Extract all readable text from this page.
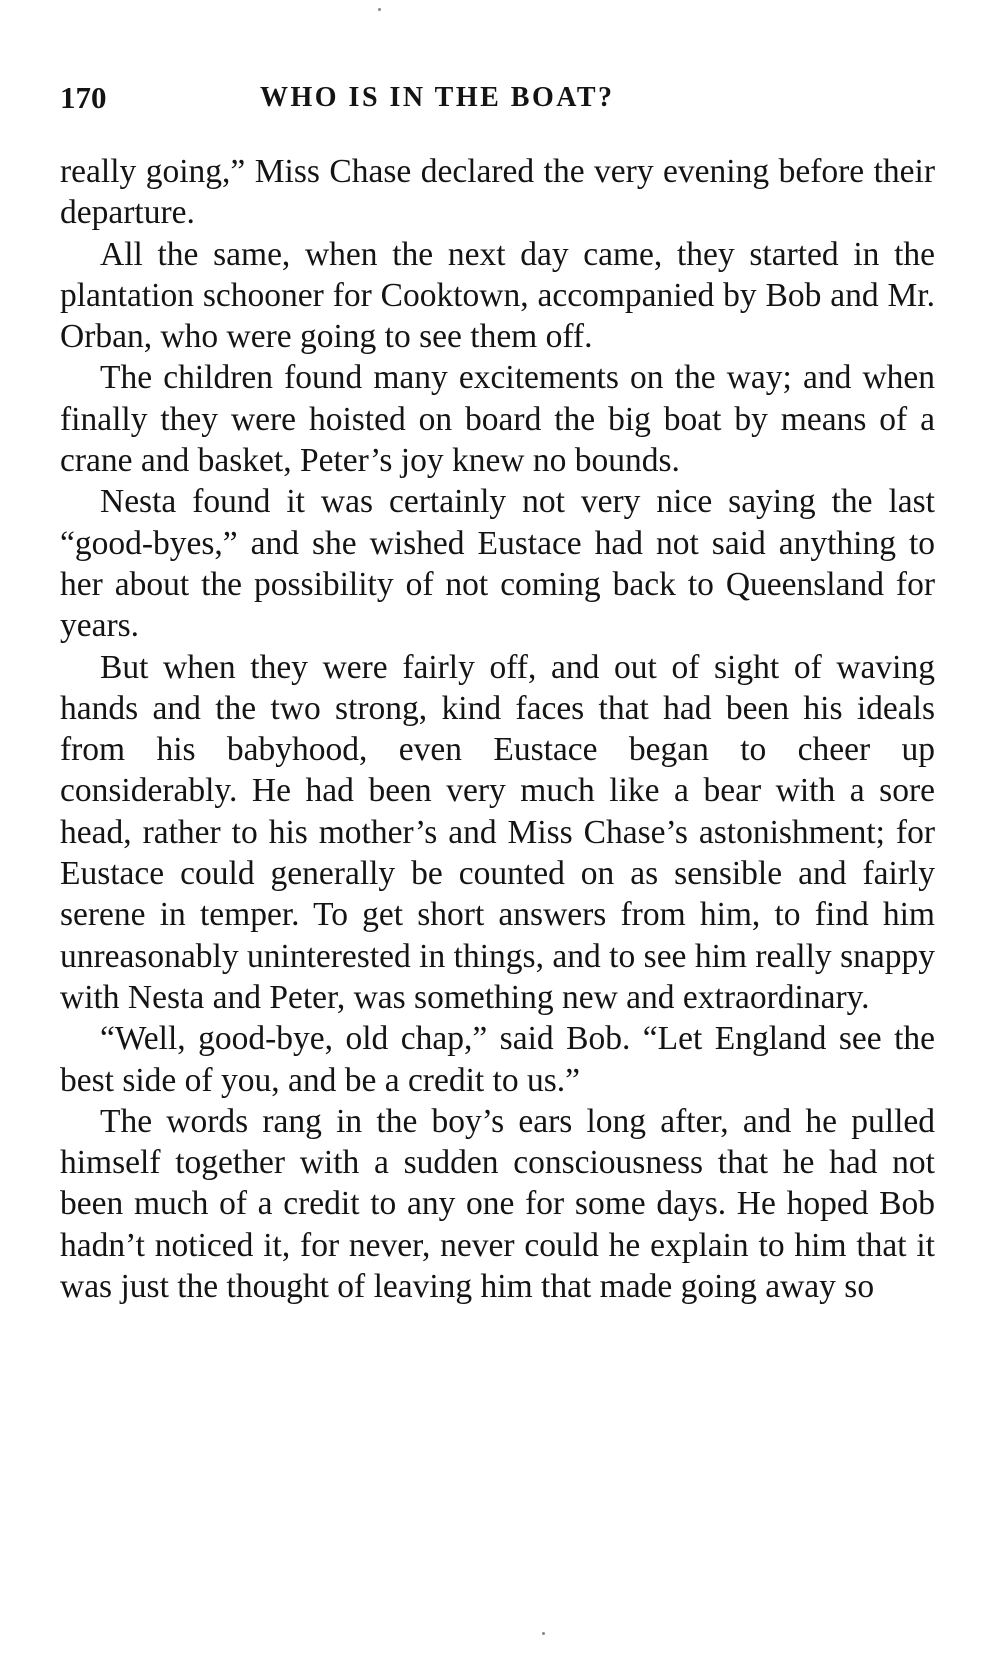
170	WHO IS IN THE BOAT?

really going,” Miss Chase declared the very evening before their departure.

All the same, when the next day came, they started in the plantation schooner for Cooktown, accompanied by Bob and Mr. Orban, who were going to see them off.

The children found many excitements on the way; and when finally they were hoisted on board the big boat by means of a crane and basket, Peter’s joy knew no bounds.

Nesta found it was certainly not very nice saying the last “good-byes,” and she wished Eustace had not said anything to her about the possibility of not coming back to Queensland for years.

But when they were fairly off, and out of sight of waving hands and the two strong, kind faces that had been his ideals from his babyhood, even Eustace began to cheer up considerably. He had been very much like a bear with a sore head, rather to his mother’s and Miss Chase’s astonishment; for Eustace could generally be counted on as sensible and fairly serene in temper. To get short answers from him, to find him unreasonably uninterested in things, and to see him really snappy with Nesta and Peter, was something new and extraordinary.

“Well, good-bye, old chap,” said Bob. “Let England see the best side of you, and be a credit to us.”

The words rang in the boy’s ears long after, and he pulled himself together with a sudden consciousness that he had not been much of a credit to any one for some days. He hoped Bob hadn’t noticed it, for never, never could he explain to him that it was just the thought of leaving him that made going away so
